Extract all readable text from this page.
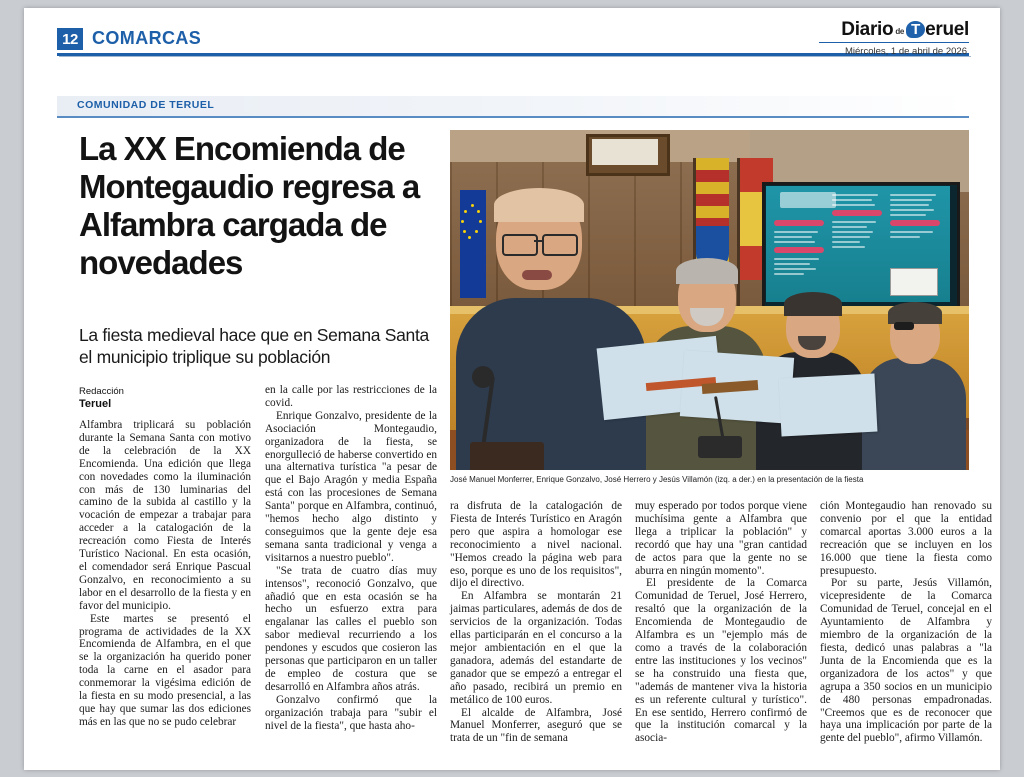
12 COMARCAS	Diario de T eruel
Miércoles, 1 de abril de 2026
COMUNIDAD DE TERUEL
La XX Encomienda de Montegaudio regresa a Alfambra cargada de novedades
La fiesta medieval hace que en Semana Santa el municipio triplique su población
Redacción
Teruel
José Manuel Monferrer, Enrique Gonzalvo, José Herrero y Jesús Villamón (izq. a der.) en la presentación de la fiesta

Alfambra triplicará su población durante la Semana Santa con motivo de la celebración de la XX Encomienda. Una edición que llega con novedades como la iluminación con más de 130 luminarias del camino de la subida al castillo y la vocación de empezar a trabajar para acceder a la catalogación de la recreación como Fiesta de Interés Turístico Nacional. En esta ocasión, el comendador será Enrique Pascual Gonzalvo, en reconocimiento a su labor en el desarrollo de la fiesta y en favor del municipio.

Este martes se presentó el programa de actividades de la XX Encomienda de Alfambra, en el que se la organización ha querido poner toda la carne en el asador para conmemorar la vigésima edición de la fiesta en su modo presencial, a las que hay que sumar las dos ediciones más en las que no se pudo celebrar

en la calle por las restricciones de la covid.

Enrique Gonzalvo, presidente de la Asociación Montegaudio, organizadora de la fiesta, se enorgulleció de haberse convertido en una alternativa turística "a pesar de que el Bajo Aragón y media España está con las procesiones de Semana Santa" porque en Alfambra, continuó, "hemos hecho algo distinto y conseguimos que la gente deje esa semana santa tradicional y venga a visitarnos a nuestro pueblo".

"Se trata de cuatro días muy intensos", reconoció Gonzalvo, que añadió que en esta ocasión se ha hecho un esfuerzo extra para engalanar las calles el pueblo son sabor medieval recurriendo a los pendones y escudos que cosieron las personas que participaron en un taller de empleo de costura que se desarrolló en Alfambra años atrás.

Gonzalvo confirmó que la organización trabaja para "subir el nivel de la fiesta", que hasta aho-

ra disfruta de la catalogación de Fiesta de Interés Turístico en Aragón pero que aspira a homologar ese reconocimiento a nivel nacional. "Hemos creado la página web para eso, porque es uno de los requisitos", dijo el directivo.

En Alfambra se montarán 21 jaimas particulares, además de dos de servicios de la organización. Todas ellas participarán en el concurso a la mejor ambientación en el que la ganadora, además del estandarte de ganador que se empezó a entregar el año pasado, recibirá un premio en metálico de 100 euros.

El alcalde de Alfambra, José Manuel Monferrer, aseguró que se trata de un "fin de semana

muy esperado por todos porque viene muchísima gente a Alfambra que llega a triplicar la población" y recordó que hay una "gran cantidad de actos para que la gente no se aburra en ningún momento".

El presidente de la Comarca Comunidad de Teruel, José Herrero, resaltó que la organización de la Encomienda de Montegaudio de Alfambra es un "ejemplo más de como a través de la colaboración entre las instituciones y los vecinos" se ha construido una fiesta que, "además de mantener viva la historia es un referente cultural y turístico". En ese sentido, Herrero confirmó de que la institución comarcal y la asocia-

ción Montegaudio han renovado su convenio por el que la entidad comarcal aportas 3.000 euros a la recreación que se incluyen en los 16.000 que tiene la fiesta como presupuesto.

Por su parte, Jesús Villamón, vicepresidente de la Comarca Comunidad de Teruel, concejal en el Ayuntamiento de Alfambra y miembro de la organización de la fiesta, dedicó unas palabras a "la Junta de la Encomienda que es la organizadora de los actos" y que agrupa a 350 socios en un municipio de 480 personas empadronadas. "Creemos que es de reconocer que haya una implicación por parte de la gente del pueblo", afirmo Villamón.
